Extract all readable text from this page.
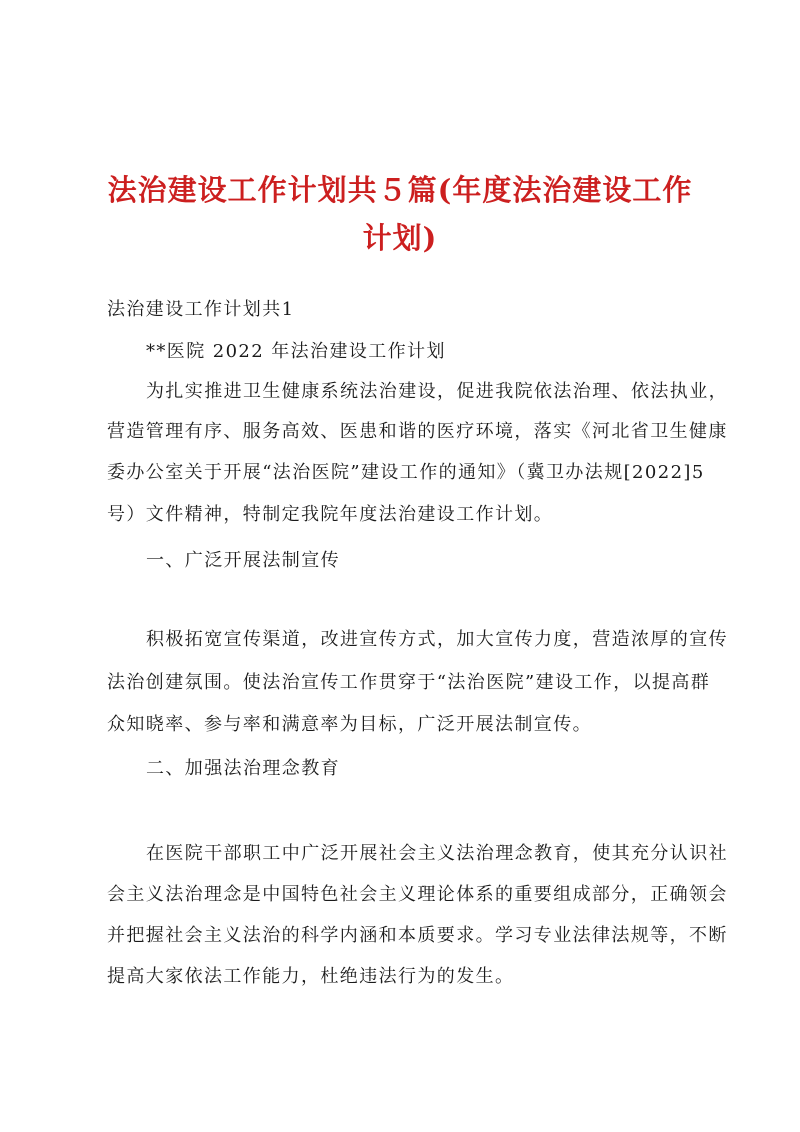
法治建设工作计划共５篇(年度法治建设工作
计划)

法治建设工作计划共1

**医院 2022 年法治建设工作计划

为扎实推进卫生健康系统法治建设，促进我院依法治理、依法执业，

营造管理有序、服务高效、医患和谐的医疗环境，落实《河北省卫生健康

委办公室关于开展“法治医院”建设工作的通知》（冀卫办法规[2022]5

号）文件精神，特制定我院年度法治建设工作计划。

一、广泛开展法制宣传

积极拓宽宣传渠道，改进宣传方式，加大宣传力度，营造浓厚的宣传

法治创建氛围。使法治宣传工作贯穿于“法治医院”建设工作，以提高群

众知晓率、参与率和满意率为目标，广泛开展法制宣传。

二、加强法治理念教育

在医院干部职工中广泛开展社会主义法治理念教育，使其充分认识社

会主义法治理念是中国特色社会主义理论体系的重要组成部分，正确领会

并把握社会主义法治的科学内涵和本质要求。学习专业法律法规等，不断

提高大家依法工作能力，杜绝违法行为的发生。
